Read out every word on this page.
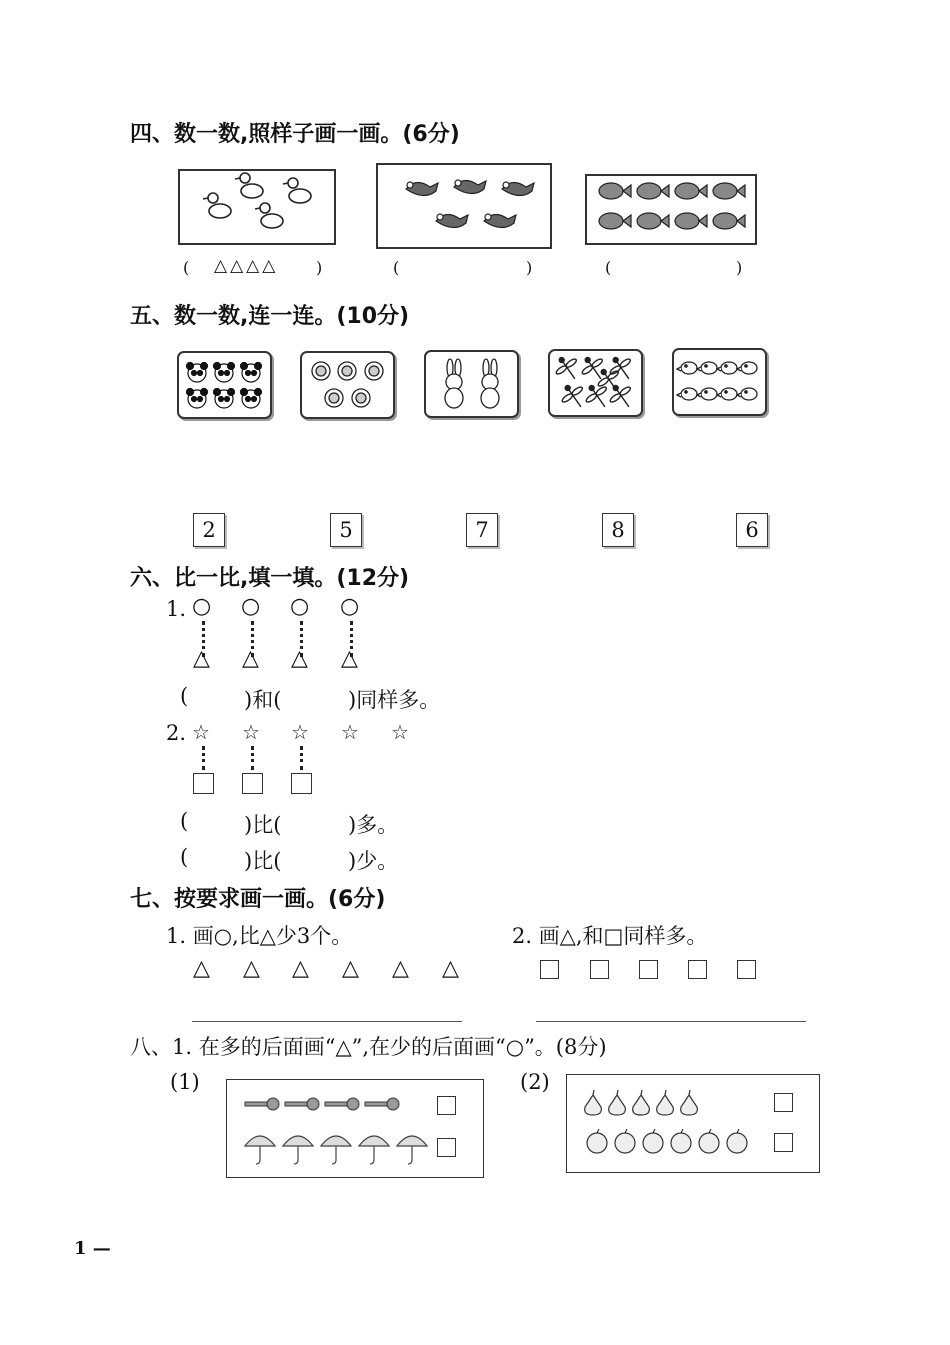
四、数一数,照样子画一画。(6分)
( △△△△ )	(	)	(	)
五、数一数,连一连。(10分)
2	5	7	8	6
六、比一比,填一填。(12分)
1. ○ ○ ○ ○
△ △ △ △
(	)和(	)同样多。
2. ☆ ☆ ☆ ☆ ☆
(	)比(	)多。
(	)比(	)少。
七、按要求画一画。(6分)
1. 画○,比△少3个。	2. 画△,和□同样多。
△ △ △ △ △ △
八、1. 在多的后面画“△”,在少的后面画“○”。(8分)
(1)	(2)
1 —
